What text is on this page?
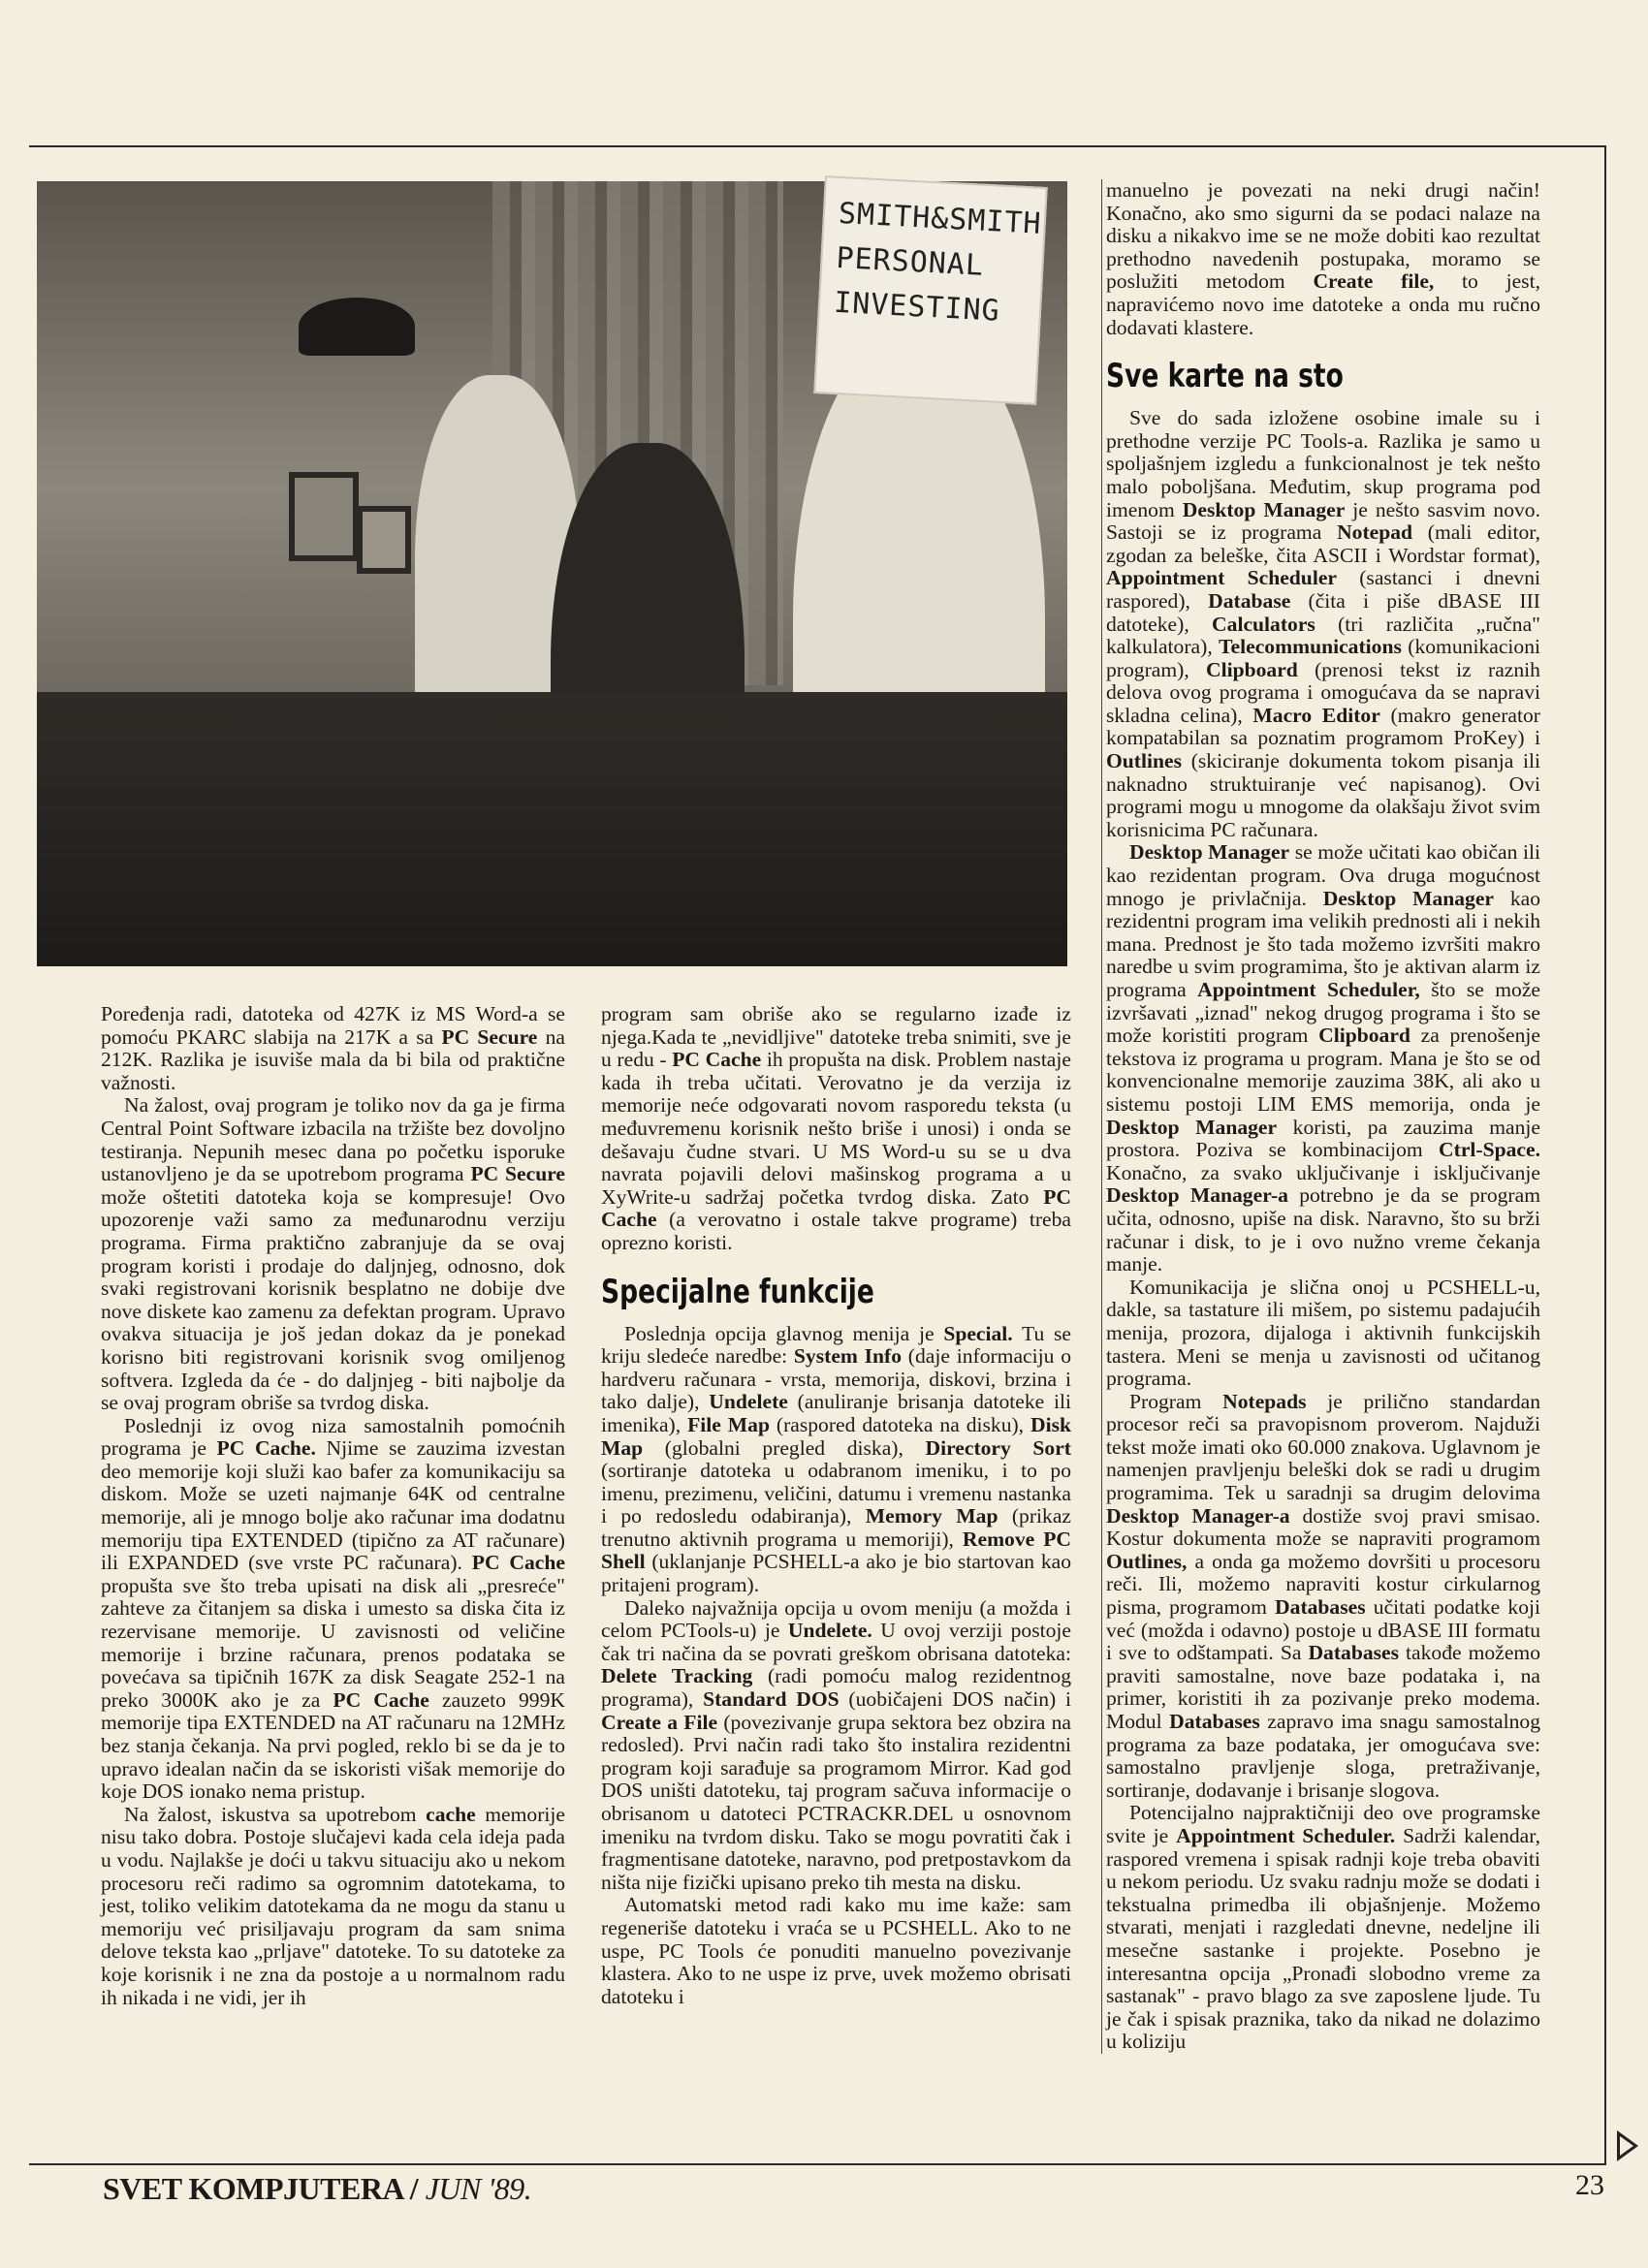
SMITH&SMITH
PERSONAL
INVESTING

Poređenja radi, datoteka od 427K iz MS Word-a se pomoću PKARC slabija na 217K a sa PC Secure na 212K. Razlika je isuviše mala da bi bila od praktične važnosti.

Na žalost, ovaj program je toliko nov da ga je firma Central Point Software izbacila na tržište bez dovoljno testiranja. Nepunih mesec dana po početku isporuke ustanovljeno je da se upotrebom programa PC Secure može oštetiti datoteka koja se kompresuje! Ovo upozorenje važi samo za međunarodnu verziju programa. Firma praktično zabranjuje da se ovaj program koristi i prodaje do daljnjeg, odnosno, dok svaki registrovani korisnik besplatno ne dobije dve nove diskete kao zamenu za defektan program. Upravo ovakva situacija je još jedan dokaz da je ponekad korisno biti registrovani korisnik svog omiljenog softvera. Izgleda da će - do daljnjeg - biti najbolje da se ovaj program obriše sa tvrdog diska.

Poslednji iz ovog niza samostalnih pomoćnih programa je PC Cache. Njime se zauzima izvestan deo memorije koji služi kao bafer za komunikaciju sa diskom. Može se uzeti najmanje 64K od centralne memorije, ali je mnogo bolje ako računar ima dodatnu memoriju tipa EXTENDED (tipično za AT računare) ili EXPANDED (sve vrste PC računara). PC Cache propušta sve što treba upisati na disk ali „presreće" zahteve za čitanjem sa diska i umesto sa diska čita iz rezervisane memorije. U zavisnosti od veličine memorije i brzine računara, prenos podataka se povećava sa tipičnih 167K za disk Seagate 252-1 na preko 3000K ako je za PC Cache zauzeto 999K memorije tipa EXTENDED na AT računaru na 12MHz bez stanja čekanja. Na prvi pogled, reklo bi se da je to upravo idealan način da se iskoristi višak memorije do koje DOS ionako nema pristup.

Na žalost, iskustva sa upotrebom cache memorije nisu tako dobra. Postoje slučajevi kada cela ideja pada u vodu. Najlakše je doći u takvu situaciju ako u nekom procesoru reči radimo sa ogromnim datotekama, to jest, toliko velikim datotekama da ne mogu da stanu u memoriju već prisiljavaju program da sam snima delove teksta kao „prljave" datoteke. To su datoteke za koje korisnik i ne zna da postoje a u normalnom radu ih nikada i ne vidi, jer ih

program sam obriše ako se regularno izađe iz njega.Kada te „nevidljive" datoteke treba snimiti, sve je u redu - PC Cache ih propušta na disk. Problem nastaje kada ih treba učitati. Verovatno je da verzija iz memorije neće odgovarati novom rasporedu teksta (u međuvremenu korisnik nešto briše i unosi) i onda se dešavaju čudne stvari. U MS Word-u su se u dva navrata pojavili delovi mašinskog programa a u XyWrite-u sadržaj početka tvrdog diska. Zato PC Cache (a verovatno i ostale takve programe) treba oprezno koristi.

Specijalne funkcije

Poslednja opcija glavnog menija je Special. Tu se kriju sledeće naredbe: System Info (daje informaciju o hardveru računara - vrsta, memorija, diskovi, brzina i tako dalje), Undelete (anuliranje brisanja datoteke ili imenika), File Map (raspored datoteka na disku), Disk Map (globalni pregled diska), Directory Sort (sortiranje datoteka u odabranom imeniku, i to po imenu, prezimenu, veličini, datumu i vremenu nastanka i po redosledu odabiranja), Memory Map (prikaz trenutno aktivnih programa u memoriji), Remove PC Shell (uklanjanje PCSHELL-a ako je bio startovan kao pritajeni program).

Daleko najvažnija opcija u ovom meniju (a možda i celom PCTools-u) je Undelete. U ovoj verziji postoje čak tri načina da se povrati greškom obrisana datoteka: Delete Tracking (radi pomoću malog rezidentnog programa), Standard DOS (uobičajeni DOS način) i Create a File (povezivanje grupa sektora bez obzira na redosled). Prvi način radi tako što instalira rezidentni program koji sarađuje sa programom Mirror. Kad god DOS uništi datoteku, taj program sačuva informacije o obrisanom u datoteci PCTRACKR.DEL u osnovnom imeniku na tvrdom disku. Tako se mogu povratiti čak i fragmentisane datoteke, naravno, pod pretpostavkom da ništa nije fizički upisano preko tih mesta na disku.

Automatski metod radi kako mu ime kaže: sam regeneriše datoteku i vraća se u PCSHELL. Ako to ne uspe, PC Tools će ponuditi manuelno povezivanje klastera. Ako to ne uspe iz prve, uvek možemo obrisati datoteku i

manuelno je povezati na neki drugi način! Konačno, ako smo sigurni da se podaci nalaze na disku a nikakvo ime se ne može dobiti kao rezultat prethodno navedenih postupaka, moramo se poslužiti metodom Create file, to jest, napravićemo novo ime datoteke a onda mu ručno dodavati klastere.

Sve karte na sto

Sve do sada izložene osobine imale su i prethodne verzije PC Tools-a. Razlika je samo u spoljašnjem izgledu a funkcionalnost je tek nešto malo poboljšana. Međutim, skup programa pod imenom Desktop Manager je nešto sasvim novo. Sastoji se iz programa Notepad (mali editor, zgodan za beleške, čita ASCII i Wordstar format), Appointment Scheduler (sastanci i dnevni raspored), Database (čita i piše dBASE III datoteke), Calculators (tri različita „ručna" kalkulatora), Telecommunications (komunikacioni program), Clipboard (prenosi tekst iz raznih delova ovog programa i omogućava da se napravi skladna celina), Macro Editor (makro generator kompatabilan sa poznatim programom ProKey) i Outlines (skiciranje dokumenta tokom pisanja ili naknadno struktuiranje već napisanog). Ovi programi mogu u mnogome da olakšaju život svim korisnicima PC računara.

Desktop Manager se može učitati kao običan ili kao rezidentan program. Ova druga mogućnost mnogo je privlačnija. Desktop Manager kao rezidentni program ima velikih prednosti ali i nekih mana. Prednost je što tada možemo izvršiti makro naredbe u svim programima, što je aktivan alarm iz programa Appointment Scheduler, što se može izvršavati „iznad" nekog drugog programa i što se može koristiti program Clipboard za prenošenje tekstova iz programa u program. Mana je što se od konvencionalne memorije zauzima 38K, ali ako u sistemu postoji LIM EMS memorija, onda je Desktop Manager koristi, pa zauzima manje prostora. Poziva se kombinacijom Ctrl-Space. Konačno, za svako uključivanje i isključivanje Desktop Manager-a potrebno je da se program učita, odnosno, upiše na disk. Naravno, što su brži računar i disk, to je i ovo nužno vreme čekanja manje.

Komunikacija je slična onoj u PCSHELL-u, dakle, sa tastature ili mišem, po sistemu padajućih menija, prozora, dijaloga i aktivnih funkcijskih tastera. Meni se menja u zavisnosti od učitanog programa.

Program Notepads je prilično standardan procesor reči sa pravopisnom proverom. Najduži tekst može imati oko 60.000 znakova. Uglavnom je namenjen pravljenju beleški dok se radi u drugim programima. Tek u saradnji sa drugim delovima Desktop Manager-a dostiže svoj pravi smisao. Kostur dokumenta može se napraviti programom Outlines, a onda ga možemo dovršiti u procesoru reči. Ili, možemo napraviti kostur cirkularnog pisma, programom Databases učitati podatke koji već (možda i odavno) postoje u dBASE III formatu i sve to odštampati. Sa Databases takođe možemo praviti samostalne, nove baze podataka i, na primer, koristiti ih za pozivanje preko modema. Modul Databases zapravo ima snagu samostalnog programa za baze podataka, jer omogućava sve: samostalno pravljenje sloga, pretraživanje, sortiranje, dodavanje i brisanje slogova.

Potencijalno najpraktičniji deo ove programske svite je Appointment Scheduler. Sadrži kalendar, raspored vremena i spisak radnji koje treba obaviti u nekom periodu. Uz svaku radnju može se dodati i tekstualna primedba ili objašnjenje. Možemo stvarati, menjati i razgledati dnevne, nedeljne ili mesečne sastanke i projekte. Posebno je interesantna opcija „Pronađi slobodno vreme za sastanak" - pravo blago za sve zaposlene ljude. Tu je čak i spisak praznika, tako da nikad ne dolazimo u koliziju

SVET KOMPJUTERA / JUN '89.	23
